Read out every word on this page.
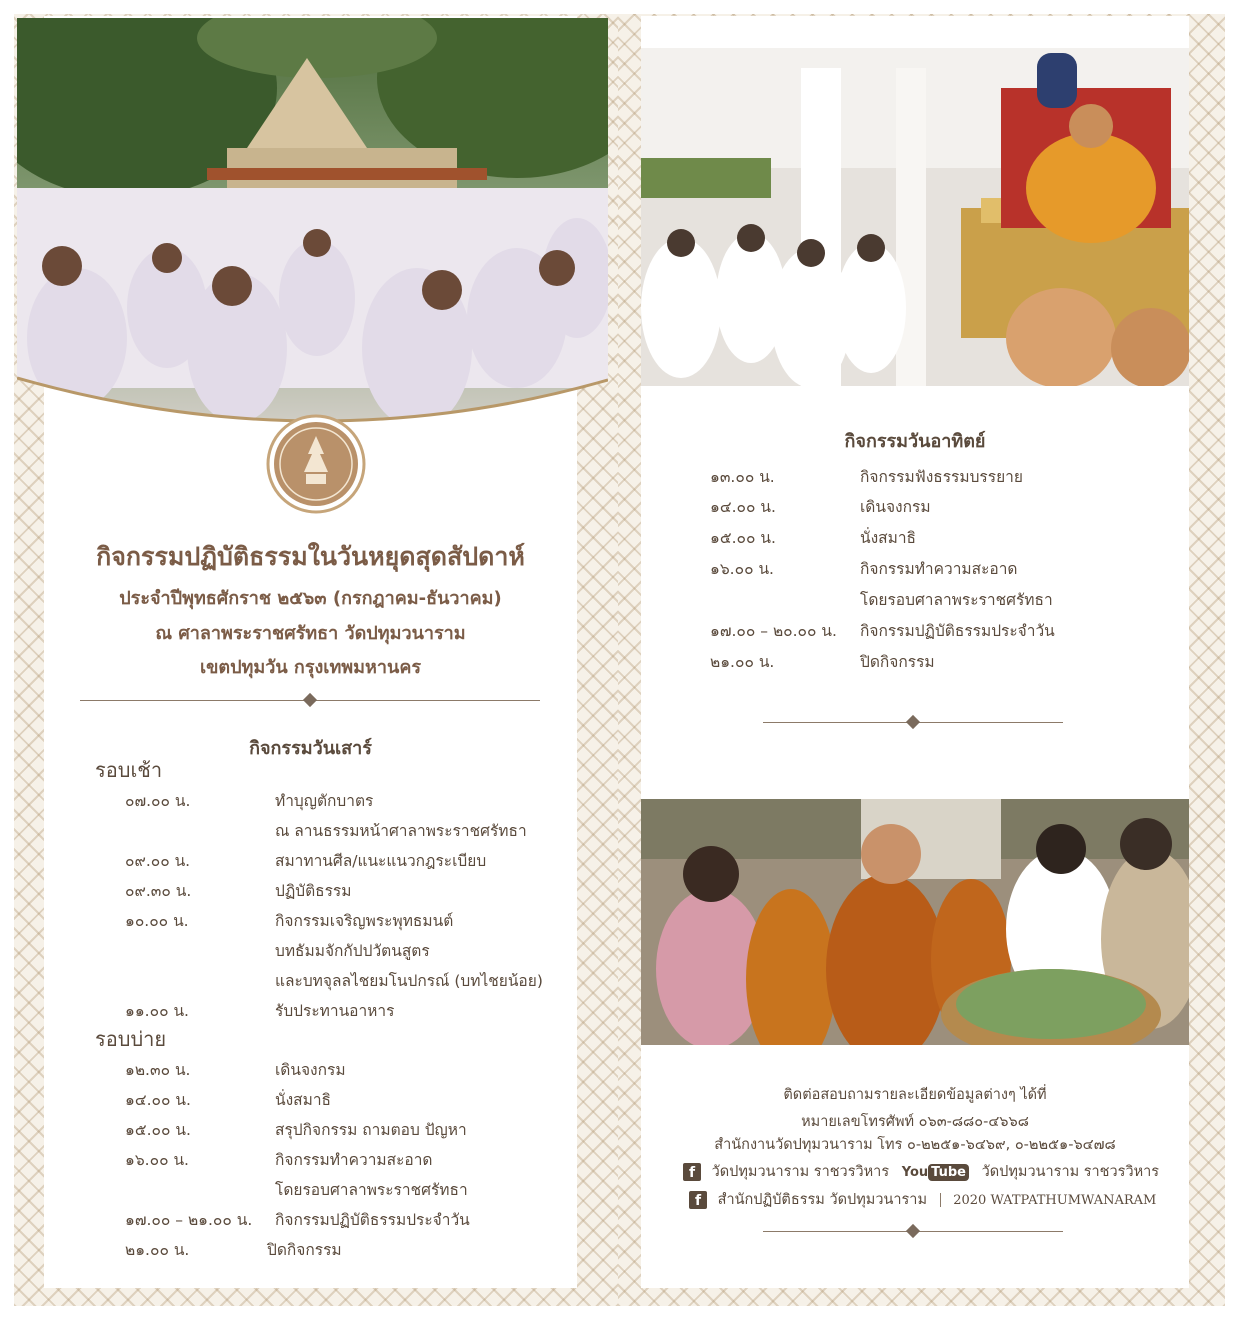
กิจกรรมปฏิบัติธรรมในวันหยุดสุดสัปดาห์
ประจำปีพุทธศักราช ๒๕๖๓ (กรกฎาคม-ธันวาคม)
ณ ศาลาพระราชศรัทธา วัดปทุมวนาราม
เขตปทุมวัน กรุงเทพมหานคร
กิจกรรมวันเสาร์
รอบเช้า
๐๗.๐๐ น.	ทำบุญตักบาตร
ณ ลานธรรมหน้าศาลาพระราชศรัทธา
๐๙.๐๐ น.	สมาทานศีล/แนะแนวกฎระเบียบ
๐๙.๓๐ น.	ปฏิบัติธรรม
๑๐.๐๐ น.	กิจกรรมเจริญพระพุทธมนต์
บทธัมมจักกัปปวัตนสูตร
และบทจุลลไชยมโนปกรณ์ (บทไชยน้อย)
๑๑.๐๐ น.	รับประทานอาหาร
รอบบ่าย
๑๒.๓๐ น.	เดินจงกรม
๑๔.๐๐ น.	นั่งสมาธิ
๑๕.๐๐ น.	สรุปกิจกรรม ถามตอบ ปัญหา
๑๖.๐๐ น.	กิจกรรมทำความสะอาด
โดยรอบศาลาพระราชศรัทธา
๑๗.๐๐ – ๒๑.๐๐ น. กิจกรรมปฏิบัติธรรมประจำวัน
๒๑.๐๐ น.	ปิดกิจกรรม
กิจกรรมวันอาทิตย์
๑๓.๐๐ น.	กิจกรรมฟังธรรมบรรยาย
๑๔.๐๐ น.	เดินจงกรม
๑๕.๐๐ น.	นั่งสมาธิ
๑๖.๐๐ น.	กิจกรรมทำความสะอาด
โดยรอบศาลาพระราชศรัทธา
๑๗.๐๐ – ๒๐.๐๐ น. กิจกรรมปฏิบัติธรรมประจำวัน
๒๑.๐๐ น.	ปิดกิจกรรม
ติดต่อสอบถามรายละเอียดข้อมูลต่างๆ ได้ที่
หมายเลขโทรศัพท์ ๐๖๓-๘๘๐-๔๖๖๘
สำนักงานวัดปทุมวนาราม โทร ๐-๒๒๕๑-๖๔๖๙, ๐-๒๒๕๑-๖๔๗๘
f วัดปทุมวนาราม ราชวรวิหาร You Tube วัดปทุมวนาราม ราชวรวิหาร
f สำนักปฏิบัติธรรม วัดปทุมวนาราม 2020 WATPATHUMWANARAM
